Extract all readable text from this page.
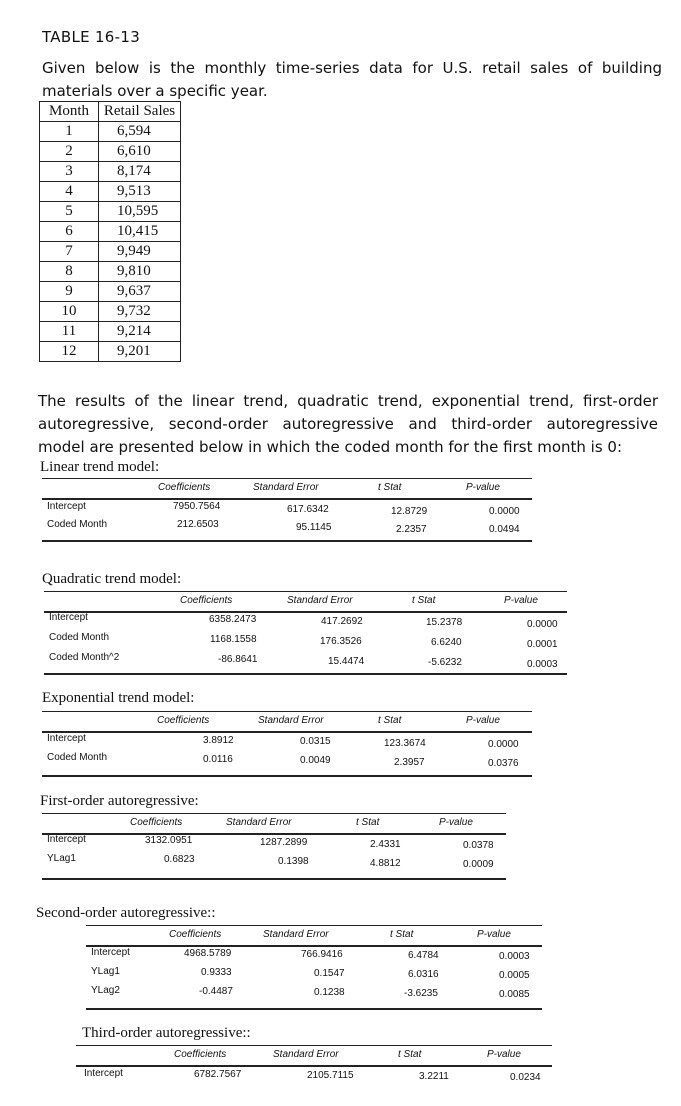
TABLE 16-13
Given below is the monthly time-series data for U.S. retail sales of building materials over a specific year.
Month	Retail Sales
1	6,594
2	6,610
3	8,174
4	9,513
5	10,595
6	10,415
7	9,949
8	9,810
9	9,637
10	9,732
11	9,214
12	9,201
The results of the linear trend, quadratic trend, exponential trend, first-order autoregressive, second-order autoregressive and third-order autoregressive model are presented below in which the coded month for the first month is 0:
Linear trend model:
Coefficients	Standard Error	t Stat	P-value
Intercept	7950.7564	617.6342	12.8729	0.0000
Coded Month	212.6503	95.1145	2.2357	0.0494
Quadratic trend model:
Coefficients	Standard Error	t Stat	P-value
Intercept	6358.2473	417.2692	15.2378	0.0000
Coded Month	1168.1558	176.3526	6.6240	0.0001
Coded Month^2	-86.8641	15.4474	-5.6232	0.0003
Exponential trend model:
Coefficients	Standard Error	t Stat	P-value
Intercept	3.8912	0.0315	123.3674	0.0000
Coded Month	0.0116	0.0049	2.3957	0.0376
First-order autoregressive:
Coefficients	Standard Error	t Stat	P-value
Intercept	3132.0951	1287.2899	2.4331	0.0378
YLag1	0.6823	0.1398	4.8812	0.0009
Second-order autoregressive::
Coefficients	Standard Error	t Stat	P-value
Intercept	4968.5789	766.9416	6.4784	0.0003
YLag1	0.9333	0.1547	6.0316	0.0005
YLag2	-0.4487	0.1238	-3.6235	0.0085
Third-order autoregressive::
Coefficients	Standard Error	t Stat	P-value
Intercept	6782.7567	2105.7115	3.2211	0.0234
